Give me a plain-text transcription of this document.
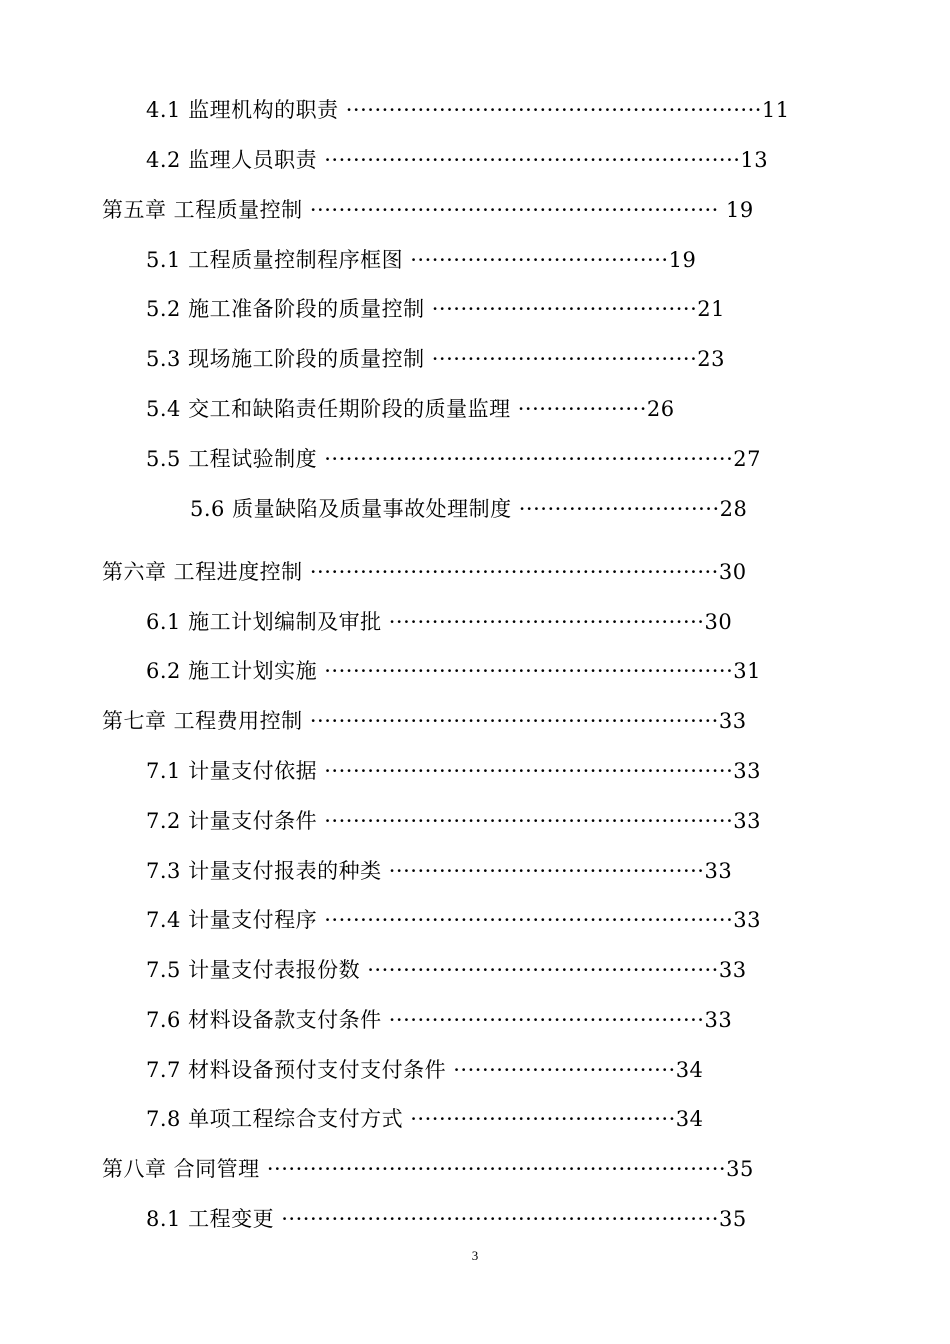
4.1 监理机构的职责 ··························································11
4.2 监理人员职责 ··························································13
第五章 工程质量控制 ························································· 19
5.1 工程质量控制程序框图 ····································19
5.2 施工准备阶段的质量控制 ·····································21
5.3 现场施工阶段的质量控制 ·····································23
5.4 交工和缺陷责任期阶段的质量监理 ··················26
5.5 工程试验制度 ·························································27
5.6 质量缺陷及质量事故处理制度 ····························28
第六章 工程进度控制 ·························································30
6.1 施工计划编制及审批 ············································30
6.2 施工计划实施 ·························································31
第七章 工程费用控制 ·························································33
7.1 计量支付依据 ·························································33
7.2 计量支付条件 ·························································33
7.3 计量支付报表的种类 ············································33
7.4 计量支付程序 ·························································33
7.5 计量支付表报份数 ·················································33
7.6 材料设备款支付条件 ············································33
7.7 材料设备预付支付支付条件 ·······························34
7.8 单项工程综合支付方式 ·····································34
第八章 合同管理 ································································35
8.1 工程变更 ·····························································35
3
